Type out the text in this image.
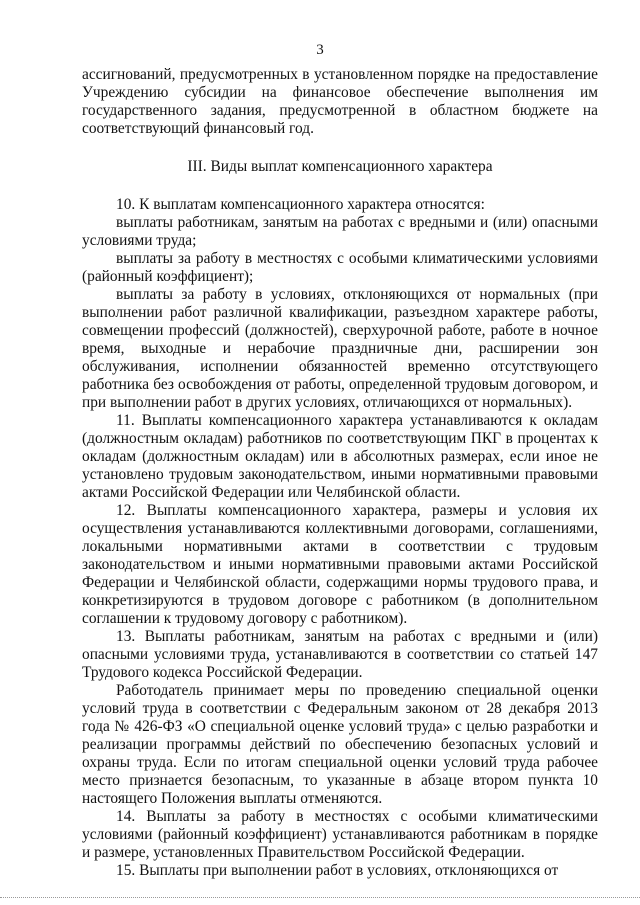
3

ассигнований, предусмотренных в установленном порядке на предоставление Учреждению субсидии на финансовое обеспечение выполнения им государственного задания, предусмотренной в областном бюджете на соответствующий финансовый год.

III. Виды выплат компенсационного характера

10. К выплатам компенсационного характера относятся:

выплаты работникам, занятым на работах с вредными и (или) опасными условиями труда;

выплаты за работу в местностях с особыми климатическими условиями (районный коэффициент);

выплаты за работу в условиях, отклоняющихся от нормальных (при выполнении работ различной квалификации, разъездном характере работы, совмещении профессий (должностей), сверхурочной работе, работе в ночное время, выходные и нерабочие праздничные дни, расширении зон обслуживания, исполнении обязанностей временно отсутствующего работника без освобождения от работы, определенной трудовым договором, и при выполнении работ в других условиях, отличающихся от нормальных).

11. Выплаты компенсационного характера устанавливаются к окладам (должностным окладам) работников по соответствующим ПКГ в процентах к окладам (должностным окладам) или в абсолютных размерах, если иное не установлено трудовым законодательством, иными нормативными правовыми актами Российской Федерации или Челябинской области.

12. Выплаты компенсационного характера, размеры и условия их осуществления устанавливаются коллективными договорами, соглашениями, локальными нормативными актами в соответствии с трудовым законодательством и иными нормативными правовыми актами Российской Федерации и Челябинской области, содержащими нормы трудового права, и конкретизируются в трудовом договоре с работником (в дополнительном соглашении к трудовому договору с работником).

13. Выплаты работникам, занятым на работах с вредными и (или) опасными условиями труда, устанавливаются в соответствии со статьей 147 Трудового кодекса Российской Федерации.

Работодатель принимает меры по проведению специальной оценки условий труда в соответствии с Федеральным законом от 28 декабря 2013 года № 426-ФЗ «О специальной оценке условий труда» с целью разработки и реализации программы действий по обеспечению безопасных условий и охраны труда. Если по итогам специальной оценки условий труда рабочее место признается безопасным, то указанные в абзаце втором пункта 10 настоящего Положения выплаты отменяются.

14. Выплаты за работу в местностях с особыми климатическими условиями (районный коэффициент) устанавливаются работникам в порядке и размере, установленных Правительством Российской Федерации.

15. Выплаты при выполнении работ в условиях, отклоняющихся от
